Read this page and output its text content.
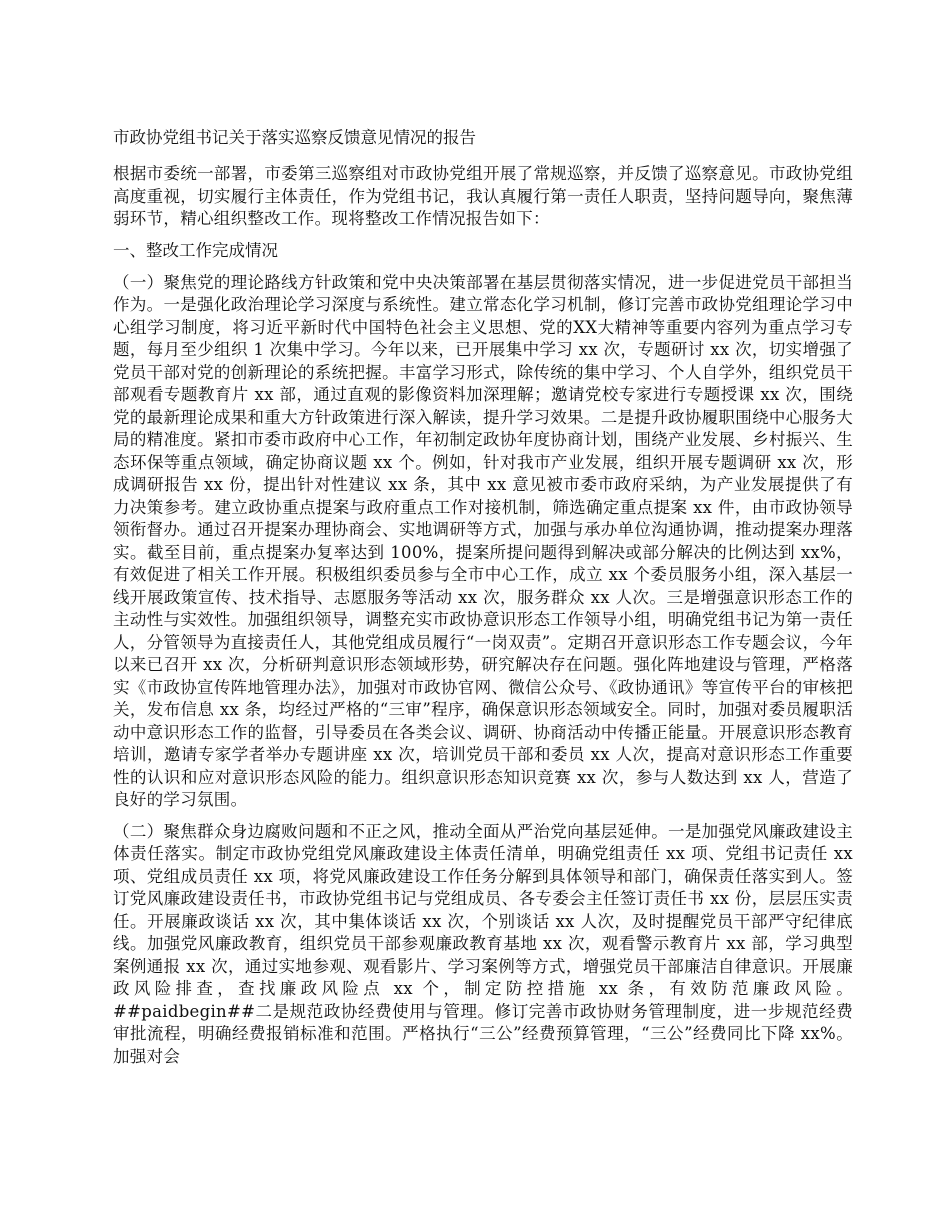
市政协党组书记关于落实巡察反馈意见情况的报告
根据市委统一部署，市委第三巡察组对市政协党组开展了常规巡察，并反馈了巡察意见。市政协党组高度重视，切实履行主体责任，作为党组书记，我认真履行第一责任人职责，坚持问题导向，聚焦薄弱环节，精心组织整改工作。现将整改工作情况报告如下：
一、整改工作完成情况
（一）聚焦党的理论路线方针政策和党中央决策部署在基层贯彻落实情况，进一步促进党员干部担当作为。一是强化政治理论学习深度与系统性。建立常态化学习机制，修订完善市政协党组理论学习中心组学习制度，将习近平新时代中国特色社会主义思想、党的XX大精神等重要内容列为重点学习专题，每月至少组织 1 次集中学习。今年以来，已开展集中学习 xx 次，专题研讨 xx 次，切实增强了党员干部对党的创新理论的系统把握。丰富学习形式，除传统的集中学习、个人自学外，组织党员干部观看专题教育片 xx 部，通过直观的影像资料加深理解；邀请党校专家进行专题授课 xx 次，围绕党的最新理论成果和重大方针政策进行深入解读，提升学习效果。二是提升政协履职围绕中心服务大局的精准度。紧扣市委市政府中心工作，年初制定政协年度协商计划，围绕产业发展、乡村振兴、生态环保等重点领域，确定协商议题 xx 个。例如，针对我市产业发展，组织开展专题调研 xx 次，形成调研报告 xx 份，提出针对性建议 xx 条，其中 xx 意见被市委市政府采纳，为产业发展提供了有力决策参考。建立政协重点提案与政府重点工作对接机制，筛选确定重点提案 xx 件，由市政协领导领衔督办。通过召开提案办理协商会、实地调研等方式，加强与承办单位沟通协调，推动提案办理落实。截至目前，重点提案办复率达到 100%，提案所提问题得到解决或部分解决的比例达到 xx%，有效促进了相关工作开展。积极组织委员参与全市中心工作，成立 xx 个委员服务小组，深入基层一线开展政策宣传、技术指导、志愿服务等活动 xx 次，服务群众 xx 人次。三是增强意识形态工作的主动性与实效性。加强组织领导，调整充实市政协意识形态工作领导小组，明确党组书记为第一责任人，分管领导为直接责任人，其他党组成员履行“一岗双责”。定期召开意识形态工作专题会议，今年以来已召开 xx 次，分析研判意识形态领域形势，研究解决存在问题。强化阵地建设与管理，严格落实《市政协宣传阵地管理办法》，加强对市政协官网、微信公众号、《政协通讯》等宣传平台的审核把关，发布信息 xx 条，均经过严格的“三审”程序，确保意识形态领域安全。同时，加强对委员履职活动中意识形态工作的监督，引导委员在各类会议、调研、协商活动中传播正能量。开展意识形态教育培训，邀请专家学者举办专题讲座 xx 次，培训党员干部和委员 xx 人次，提高对意识形态工作重要性的认识和应对意识形态风险的能力。组织意识形态知识竞赛 xx 次，参与人数达到 xx 人，营造了良好的学习氛围。
（二）聚焦群众身边腐败问题和不正之风，推动全面从严治党向基层延伸。一是加强党风廉政建设主体责任落实。制定市政协党组党风廉政建设主体责任清单，明确党组责任 xx 项、党组书记责任 xx 项、党组成员责任 xx 项，将党风廉政建设工作任务分解到具体领导和部门，确保责任落实到人。签订党风廉政建设责任书，市政协党组书记与党组成员、各专委会主任签订责任书 xx 份，层层压实责任。开展廉政谈话 xx 次，其中集体谈话 xx 次，个别谈话 xx 人次，及时提醒党员干部严守纪律底线。加强党风廉政教育，组织党员干部参观廉政教育基地 xx 次，观看警示教育片 xx 部，学习典型案例通报 xx 次，通过实地参观、观看影片、学习案例等方式，增强党员干部廉洁自律意识。开展廉政风险排查，查找廉政风险点 xx 个，制定防控措施 xx 条，有效防范廉政风险。##paidbegin##二是规范政协经费使用与管理。修订完善市政协财务管理制度，进一步规范经费审批流程，明确经费报销标准和范围。严格执行“三公”经费预算管理，“三公”经费同比下降 xx%。加强对会
